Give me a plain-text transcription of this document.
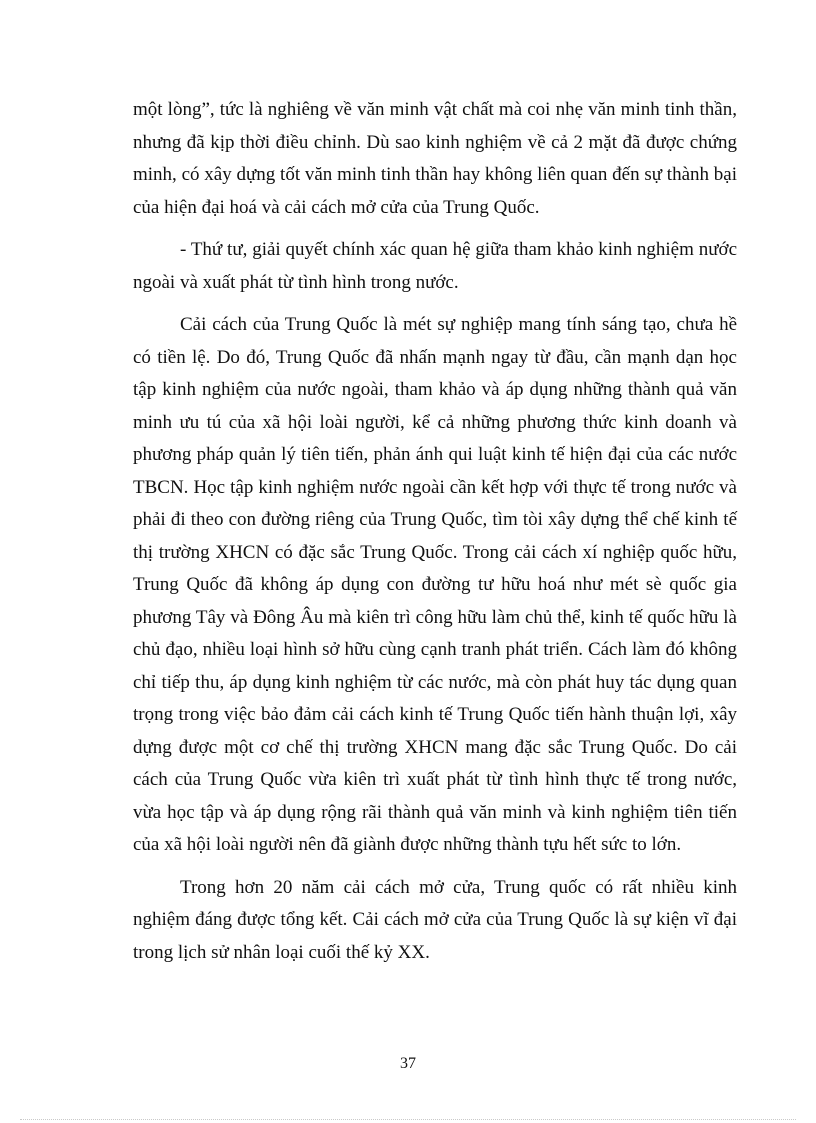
một lòng”, tức là nghiêng về văn minh vật chất mà coi nhẹ văn minh tinh thần, nhưng đã kịp thời điều chỉnh. Dù sao kinh nghiệm về cả 2 mặt đã được chứng minh, có xây dựng tốt văn minh tinh thần hay không liên quan đến sự thành bại của hiện đại hoá và cải cách mở cửa của Trung Quốc.

- Thứ tư, giải quyết chính xác quan hệ giữa tham khảo kinh nghiệm nước ngoài và xuất phát từ tình hình trong nước.

Cải cách của Trung Quốc là mét sự nghiệp mang tính sáng tạo, chưa hề có tiền lệ. Do đó, Trung Quốc đã nhấn mạnh ngay từ đầu, cần mạnh dạn học tập kinh nghiệm của nước ngoài, tham khảo và áp dụng những thành quả văn minh ưu tú của xã hội loài người, kể cả những phương thức kinh doanh và phương pháp quản lý tiên tiến, phản ánh qui luật kinh tế hiện đại của các nước TBCN. Học tập kinh nghiệm nước ngoài cần kết hợp với thực tế trong nước và phải đi theo con đường riêng của Trung Quốc, tìm tòi xây dựng thể chế kinh tế thị trường XHCN có đặc sắc Trung Quốc. Trong cải cách xí nghiệp quốc hữu, Trung Quốc đã không áp dụng con đường tư hữu hoá như mét sè quốc gia phương Tây và Đông Âu mà kiên trì công hữu làm chủ thể, kinh tế quốc hữu là chủ đạo, nhiều loại hình sở hữu cùng cạnh tranh phát triển. Cách làm đó không chỉ tiếp thu, áp dụng kinh nghiệm từ các nước, mà còn phát huy tác dụng quan trọng trong việc bảo đảm cải cách kinh tế Trung Quốc tiến hành thuận lợi, xây dựng được một cơ chế thị trường XHCN mang đặc sắc Trung Quốc. Do cải cách của Trung Quốc vừa kiên trì xuất phát từ tình hình thực tế trong nước, vừa học tập và áp dụng rộng rãi thành quả văn minh và kinh nghiệm tiên tiến của xã hội loài người nên đã giành được những thành tựu hết sức to lớn.

Trong hơn 20 năm cải cách mở cửa, Trung quốc có rất nhiều kinh nghiệm đáng được tổng kết. Cải cách mở cửa của Trung Quốc là sự kiện vĩ đại trong lịch sử nhân loại cuối thế kỷ XX.

37
